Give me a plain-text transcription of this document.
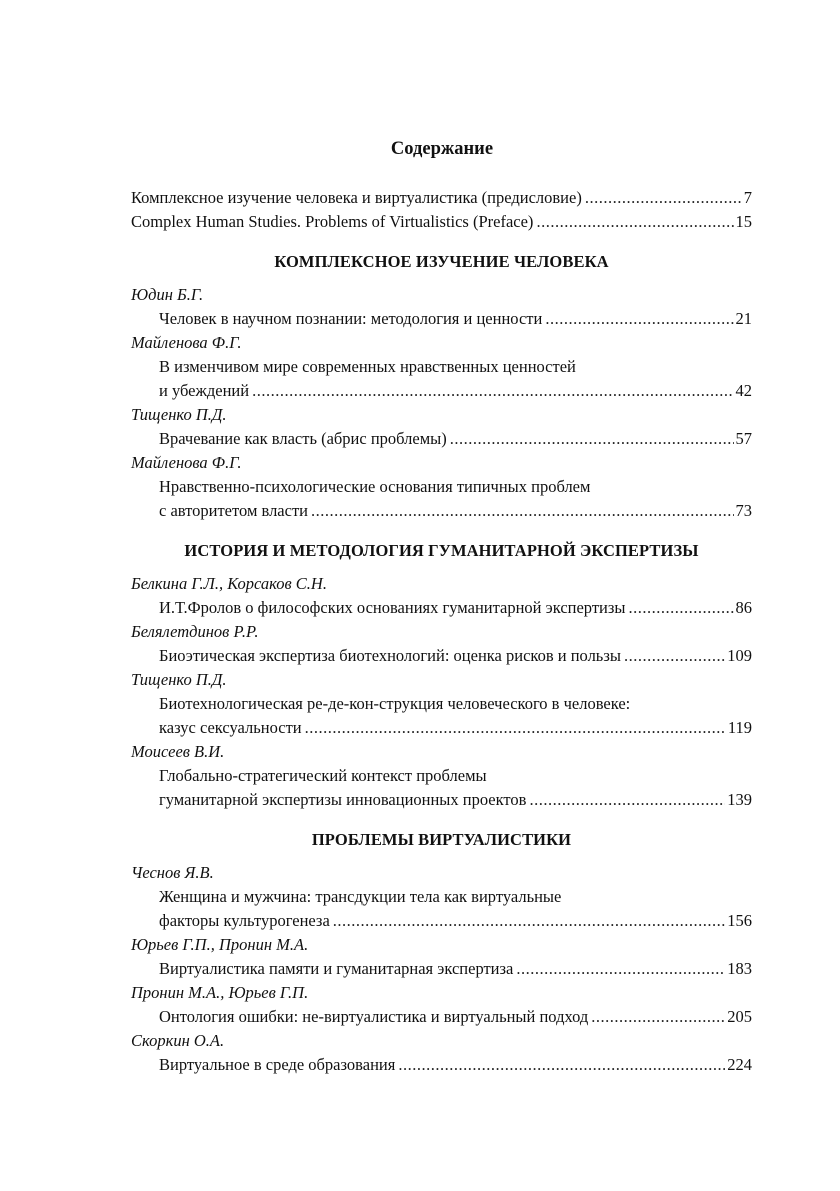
Содержание
Комплексное изучение человека и виртуалистика (предисловие) .....	7
Complex Human Studies. Problems of Virtualistics (Preface) .....	15
КОМПЛЕКСНОЕ ИЗУЧЕНИЕ ЧЕЛОВЕКА
Юдин Б.Г.
Человек в научном познании: методология и ценности .....	21
Майленова Ф.Г.
В изменчивом мире современных нравственных ценностей
и убеждений .....	42
Тищенко П.Д.
Врачевание как власть (абрис проблемы) .....	57
Майленова Ф.Г.
Нравственно-психологические основания типичных проблем
с авторитетом власти .....	73
ИСТОРИЯ И МЕТОДОЛОГИЯ ГУМАНИТАРНОЙ ЭКСПЕРТИЗЫ
Белкина Г.Л., Корсаков С.Н.
И.Т.Фролов о философских основаниях гуманитарной экспертизы .....	86
Белялетдинов Р.Р.
Биоэтическая экспертиза биотехнологий: оценка рисков и пользы .....	109
Тищенко П.Д.
Биотехнологическая ре-де-кон-струкция человеческого в человеке:
казус сексуальности .....	119
Моисеев В.И.
Глобально-стратегический контекст проблемы
гуманитарной экспертизы инновационных проектов .....	139
ПРОБЛЕМЫ ВИРТУАЛИСТИКИ
Чеснов Я.В.
Женщина и мужчина: трансдукции тела как виртуальные
факторы культурогенеза .....	156
Юрьев Г.П., Пронин М.А.
Виртуалистика памяти и гуманитарная экспертиза .....	183
Пронин М.А., Юрьев Г.П.
Онтология ошибки: не-виртуалистика и виртуальный подход .....	205
Скоркин О.А.
Виртуальное в среде образования .....	224
